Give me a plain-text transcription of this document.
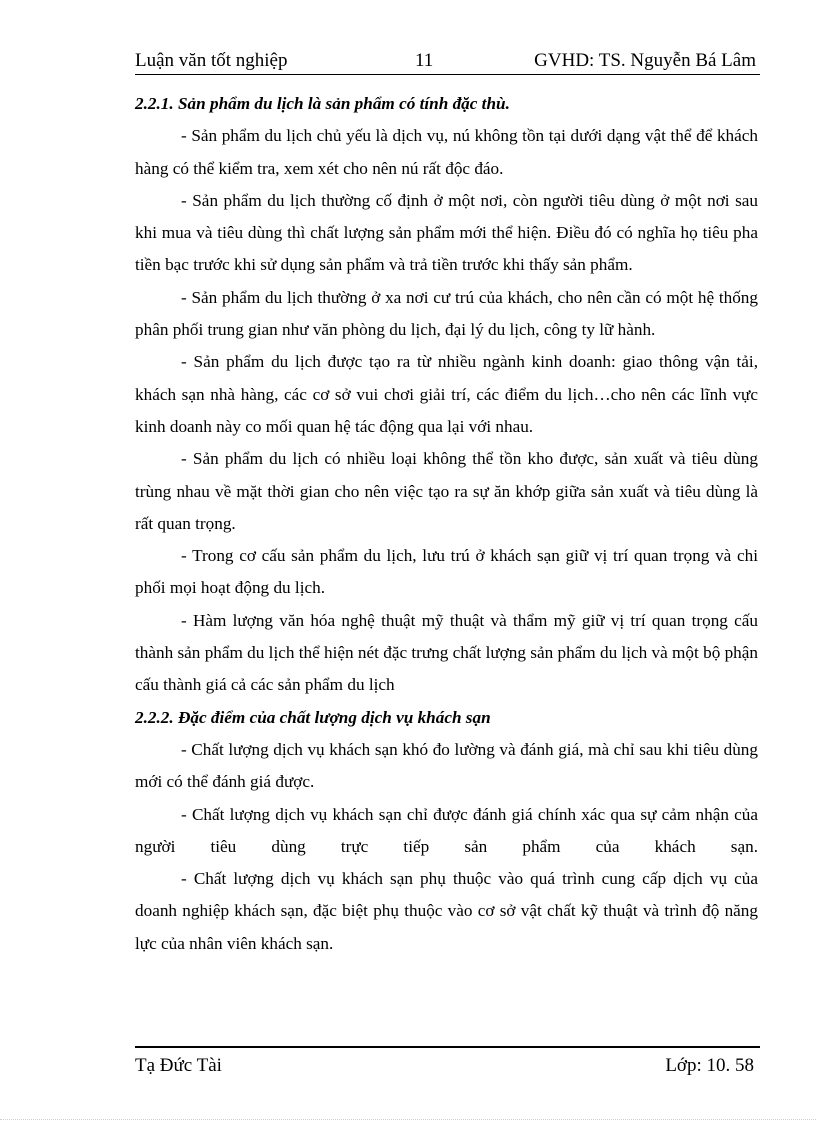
Luận văn tốt nghiệp	11	GVHD: TS. Nguyễn Bá Lâm
2.2.1. Sản phẩm du lịch là sản phẩm có tính đặc thù.

- Sản phẩm du lịch chủ yếu là dịch vụ, nú không tồn tại dưới dạng vật thể để khách hàng có thể kiểm tra, xem xét cho nên nú rất độc đáo.

- Sản phẩm du lịch thường cố định ở một nơi, còn người tiêu dùng ở một nơi sau khi mua và tiêu dùng thì chất lượng sản phẩm mới thể hiện. Điều đó có nghĩa họ tiêu pha tiền bạc trước khi sử dụng sản phẩm và trả tiền trước khi thấy sản phẩm.

- Sản phẩm du lịch thường ở xa nơi cư trú của khách, cho nên cần có một hệ thống phân phối trung gian như văn phòng du lịch, đại lý du lịch, công ty lữ hành.

- Sản phẩm du lịch được tạo ra từ nhiều ngành kinh doanh: giao thông vận tải, khách sạn nhà hàng, các cơ sở vui chơi giải trí, các điểm du lịch…cho nên các lĩnh vực kinh doanh này co mối quan hệ tác động qua lại với nhau.

- Sản phẩm du lịch có nhiều loại không thể tồn kho được, sản xuất và tiêu dùng trùng nhau về mặt thời gian cho nên việc tạo ra sự ăn khớp giữa sản xuất và tiêu dùng là rất quan trọng.

- Trong cơ cấu sản phẩm du lịch, lưu trú ở khách sạn giữ vị trí quan trọng và chi phối mọi hoạt động du lịch.

- Hàm lượng văn hóa nghệ thuật mỹ thuật và thẩm mỹ giữ vị trí quan trọng cấu thành sản phẩm du lịch thể hiện nét đặc trưng chất lượng sản phẩm du lịch và một bộ phận cấu thành giá cả các sản phẩm du lịch

2.2.2. Đặc điểm của chất lượng dịch vụ khách sạn

- Chất lượng dịch vụ khách sạn khó đo lường và đánh giá, mà chỉ sau khi tiêu dùng mới có thể đánh giá được.

- Chất lượng dịch vụ khách sạn chỉ được đánh giá chính xác qua sự cảm nhận của người tiêu dùng trực tiếp sản phẩm của khách sạn.

- Chất lượng dịch vụ khách sạn phụ thuộc vào quá trình cung cấp dịch vụ của doanh nghiệp khách sạn, đặc biệt phụ thuộc vào cơ sở vật chất kỹ thuật và trình độ năng lực của nhân viên khách sạn.

Tạ Đức Tài	Lớp: 10. 58
